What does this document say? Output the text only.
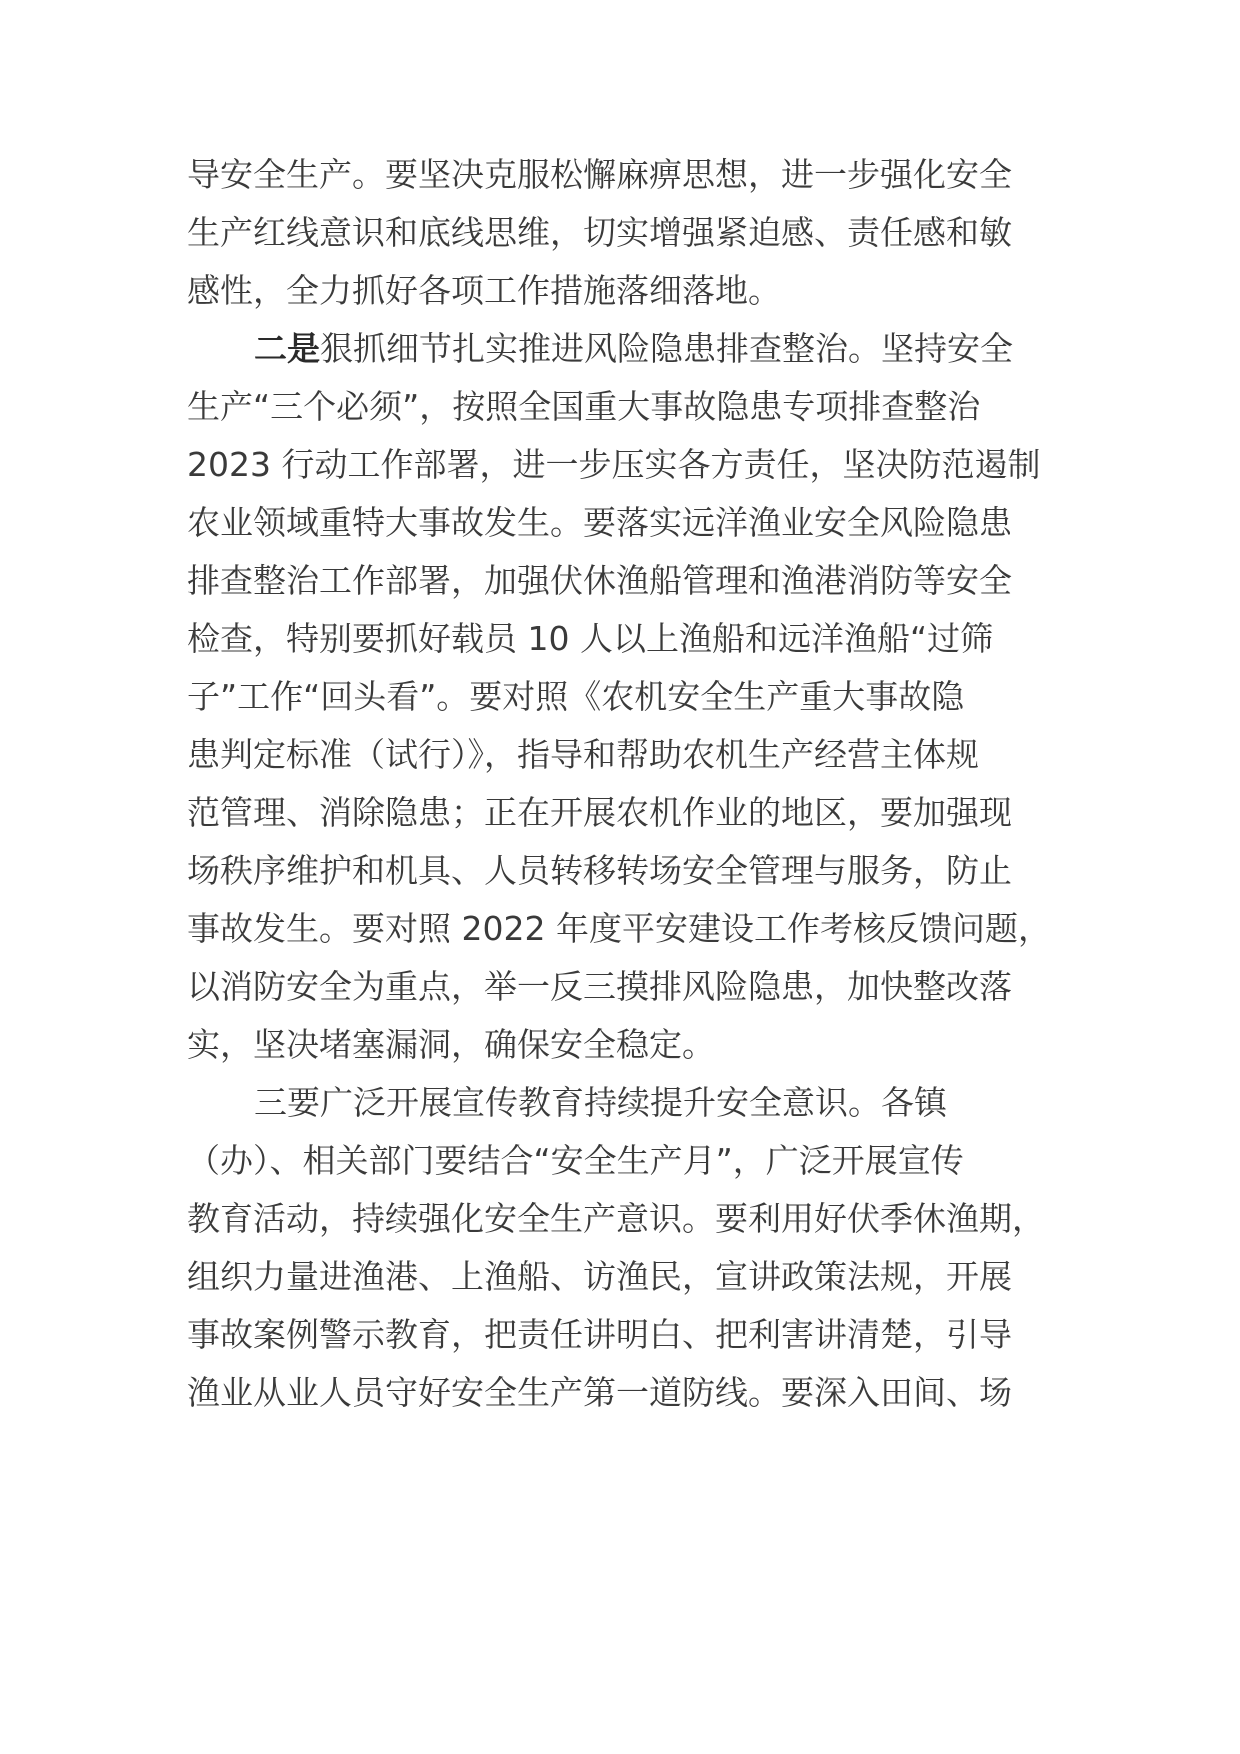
导安全生产。要坚决克服松懈麻痹思想，进一步强化安全
生产红线意识和底线思维，切实增强紧迫感、责任感和敏
感性，全力抓好各项工作措施落细落地。
二是狠抓细节扎实推进风险隐患排查整治。坚持安全
生产“三个必须”，按照全国重大事故隐患专项排查整治
2023 行动工作部署，进一步压实各方责任，坚决防范遏制
农业领域重特大事故发生。要落实远洋渔业安全风险隐患
排查整治工作部署，加强伏休渔船管理和渔港消防等安全
检查，特别要抓好载员 10 人以上渔船和远洋渔船“过筛
子”工作“回头看”。要对照《农机安全生产重大事故隐
患判定标准（试行）》，指导和帮助农机生产经营主体规
范管理、消除隐患；正在开展农机作业的地区，要加强现
场秩序维护和机具、人员转移转场安全管理与服务，防止
事故发生。要对照 2022 年度平安建设工作考核反馈问题，
以消防安全为重点，举一反三摸排风险隐患，加快整改落
实，坚决堵塞漏洞，确保安全稳定。
三要广泛开展宣传教育持续提升安全意识。各镇
（办）、相关部门要结合“安全生产月”，广泛开展宣传
教育活动，持续强化安全生产意识。要利用好伏季休渔期，
组织力量进渔港、上渔船、访渔民，宣讲政策法规，开展
事故案例警示教育，把责任讲明白、把利害讲清楚，引导
渔业从业人员守好安全生产第一道防线。要深入田间、场
